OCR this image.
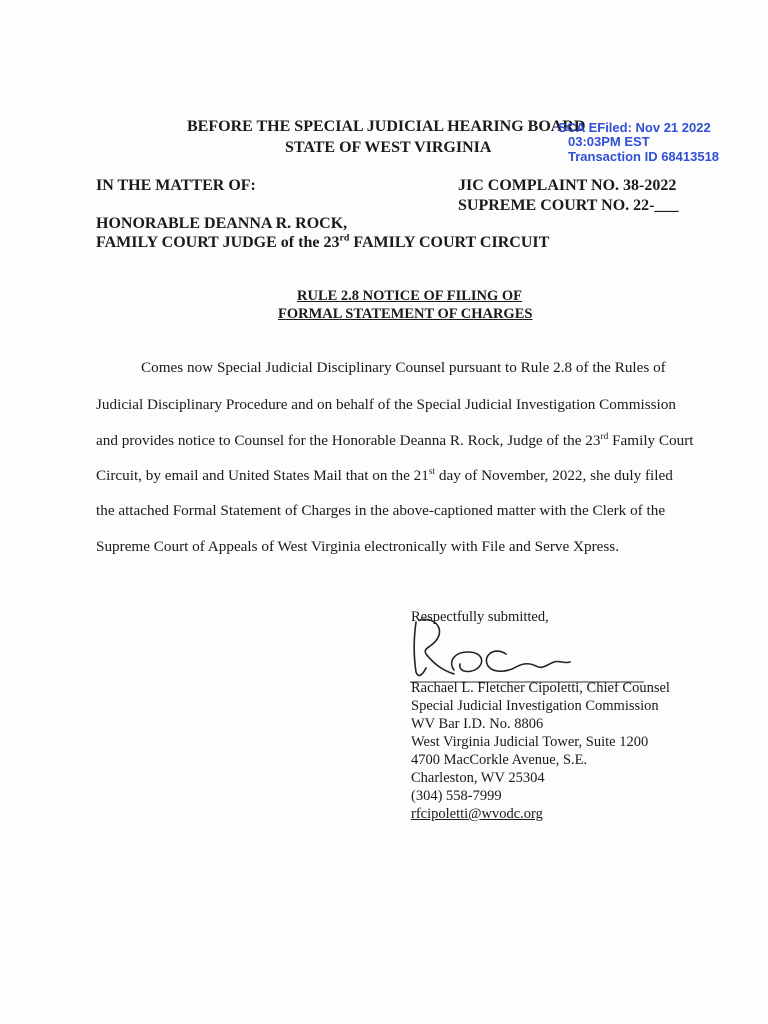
BEFORE THE SPECIAL JUDICIAL HEARING BOARD
STATE OF WEST VIRGINIA
SCA EFiled: Nov 21 2022
03:03PM EST
Transaction ID 68413518
IN THE MATTER OF:	JIC COMPLAINT NO. 38-2022
SUPREME COURT NO. 22-___
HONORABLE DEANNA R. ROCK,
FAMILY COURT JUDGE of the 23rd FAMILY COURT CIRCUIT
RULE 2.8 NOTICE OF FILING OF
FORMAL STATEMENT OF CHARGES
Comes now Special Judicial Disciplinary Counsel pursuant to Rule 2.8 of the Rules of
Judicial Disciplinary Procedure and on behalf of the Special Judicial Investigation Commission
and provides notice to Counsel for the Honorable Deanna R. Rock, Judge of the 23rd Family Court
Circuit, by email and United States Mail that on the 21st day of November, 2022, she duly filed
the attached Formal Statement of Charges in the above-captioned matter with the Clerk of the
Supreme Court of Appeals of West Virginia electronically with File and Serve Xpress.
Respectfully submitted,
Rachael L. Fletcher Cipoletti, Chief Counsel
Special Judicial Investigation Commission
WV Bar I.D. No. 8806
West Virginia Judicial Tower, Suite 1200
4700 MacCorkle Avenue, S.E.
Charleston, WV 25304
(304) 558-7999
rfcipoletti@wvodc.org
